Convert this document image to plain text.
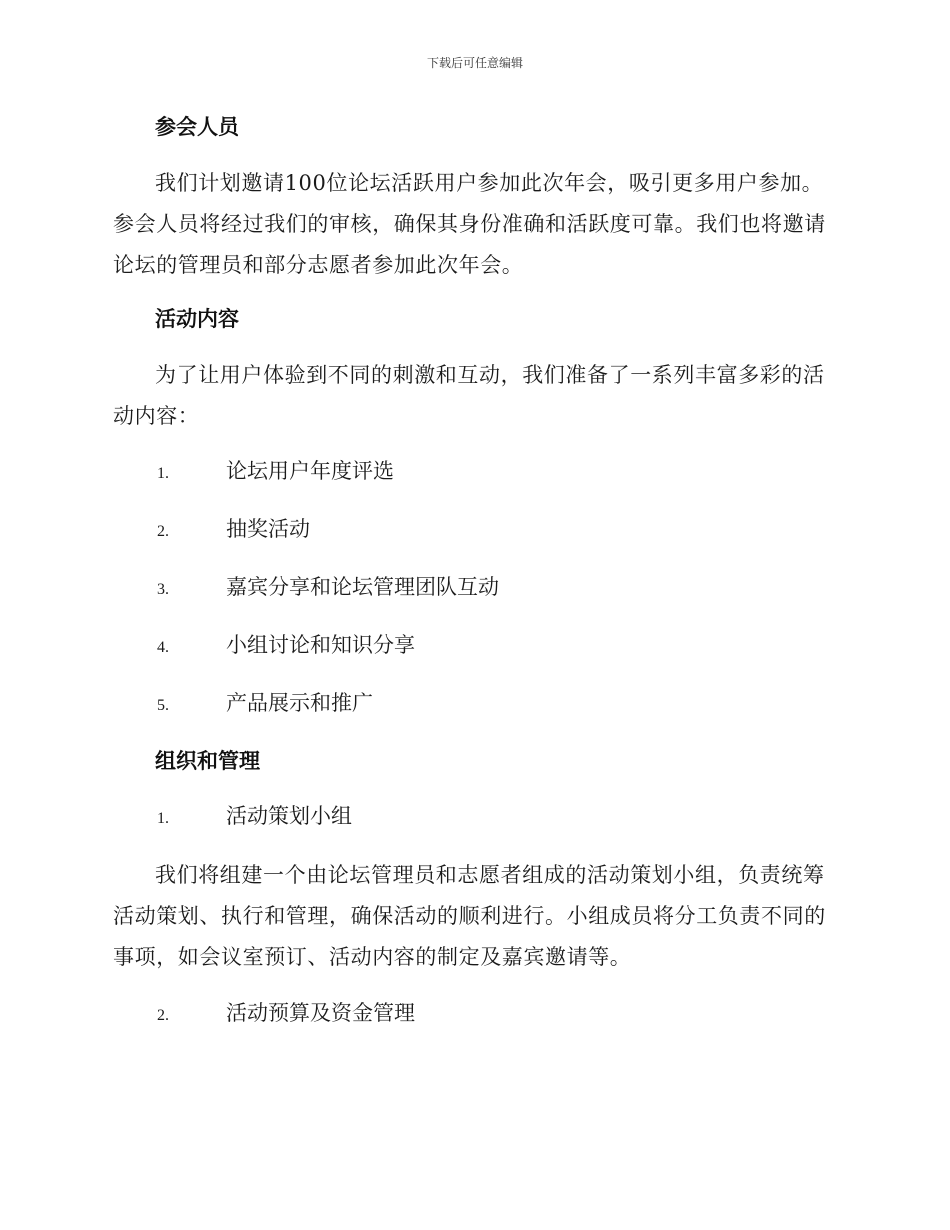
下载后可任意编辑
参会人员

我们计划邀请100位论坛活跃用户参加此次年会，吸引更多用户参加。参会人员将经过我们的审核，确保其身份准确和活跃度可靠。我们也将邀请论坛的管理员和部分志愿者参加此次年会。

活动内容

为了让用户体验到不同的刺激和互动，我们准备了一系列丰富多彩的活动内容：

1.	论坛用户年度评选
2.	抽奖活动
3.	嘉宾分享和论坛管理团队互动
4.	小组讨论和知识分享
5.	产品展示和推广
组织和管理
1.	活动策划小组

我们将组建一个由论坛管理员和志愿者组成的活动策划小组，负责统筹活动策划、执行和管理，确保活动的顺利进行。小组成员将分工负责不同的事项，如会议室预订、活动内容的制定及嘉宾邀请等。

2.	活动预算及资金管理
